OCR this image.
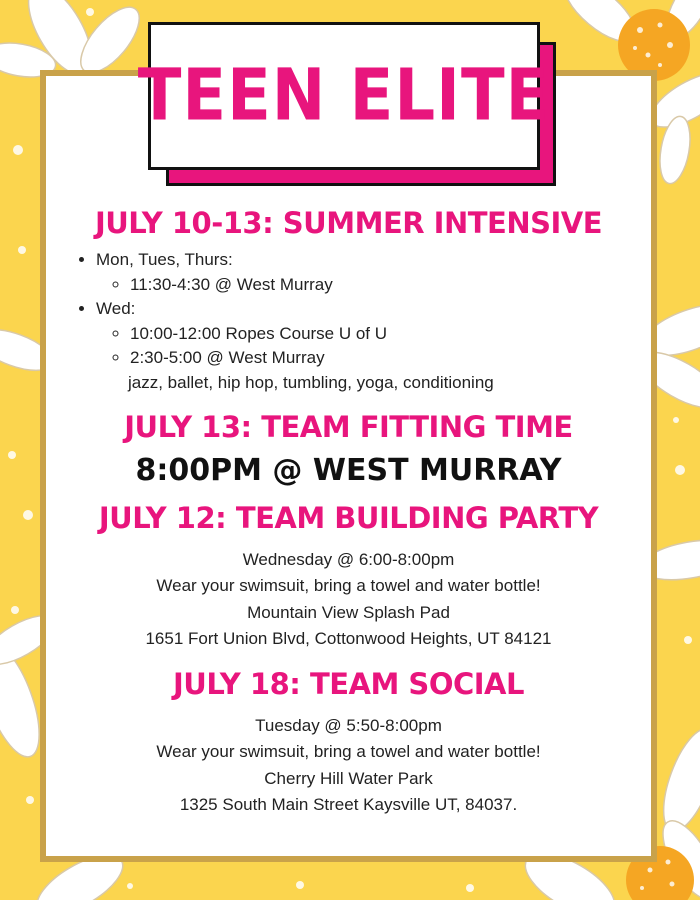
TEEN ELITE
JULY 10-13: SUMMER INTENSIVE
• Mon, Tues, Thurs:
◦ 11:30-4:30 @ West Murray
• Wed:
◦ 10:00-12:00 Ropes Course U of U
◦ 2:30-5:00 @ West Murray
jazz, ballet, hip hop, tumbling, yoga, conditioning
JULY 13: TEAM FITTING TIME
8:00PM @ WEST MURRAY
JULY 12: TEAM BUILDING PARTY
Wednesday @ 6:00-8:00pm
Wear your swimsuit, bring a towel and water bottle!
Mountain View Splash Pad
1651 Fort Union Blvd, Cottonwood Heights, UT 84121
JULY 18: TEAM SOCIAL
Tuesday @ 5:50-8:00pm
Wear your swimsuit, bring a towel and water bottle!
Cherry Hill Water Park
1325 South Main Street Kaysville UT, 84037.
